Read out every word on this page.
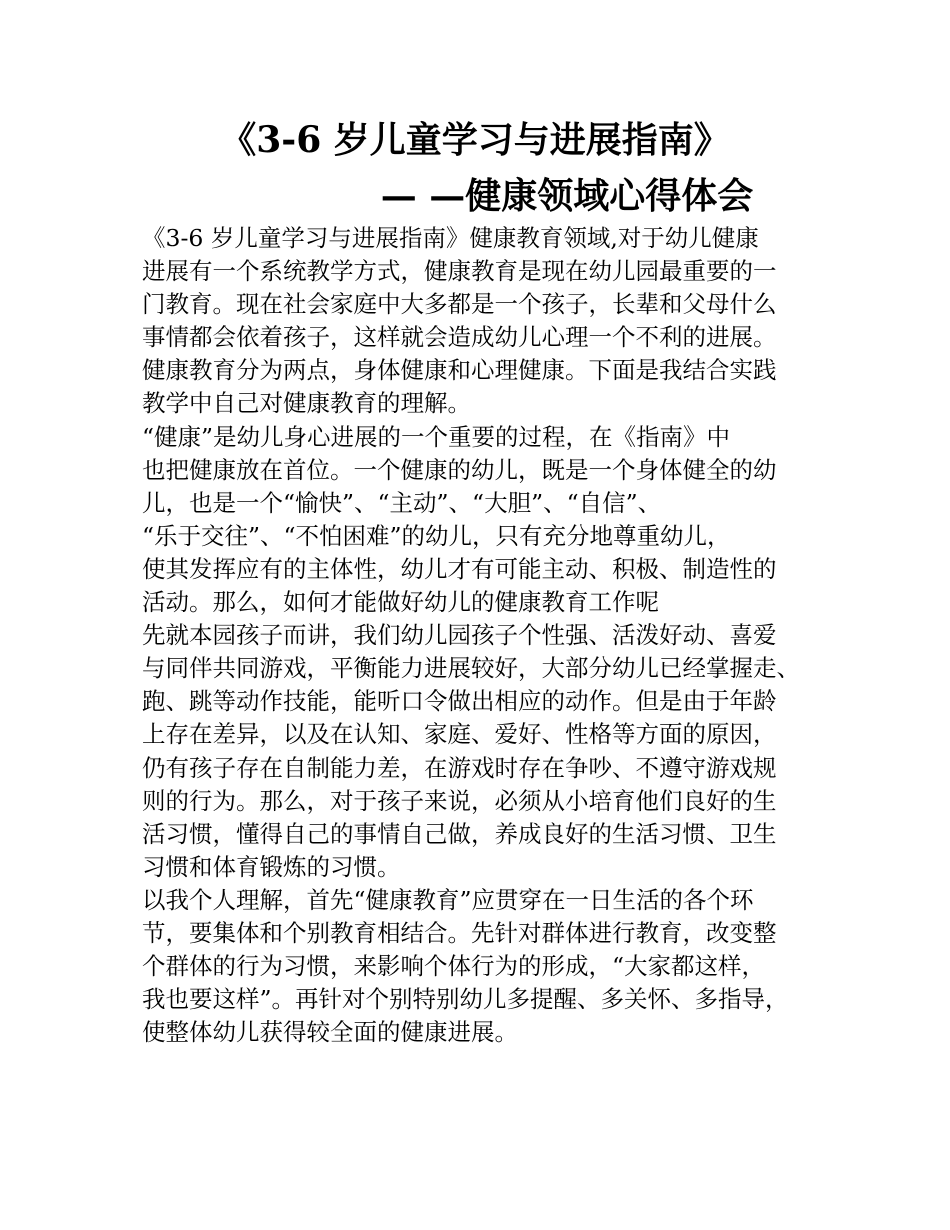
《3-6 岁儿童学习与进展指南》
— —健康领域心得体会
《3-6 岁儿童学习与进展指南》健康教育领域,对于幼儿健康
进展有一个系统教学方式，健康教育是现在幼儿园最重要的一
门教育。现在社会家庭中大多都是一个孩子，长辈和父母什么
事情都会依着孩子，这样就会造成幼儿心理一个不利的进展。
健康教育分为两点，身体健康和心理健康。下面是我结合实践
教学中自己对健康教育的理解。
“健康”是幼儿身心进展的一个重要的过程，在《指南》中
也把健康放在首位。一个健康的幼儿，既是一个身体健全的幼
儿，也是一个“愉快”、“主动”、“大胆”、“自信”、
“乐于交往”、“不怕困难”的幼儿，只有充分地尊重幼儿，
使其发挥应有的主体性，幼儿才有可能主动、积极、制造性的
活动。那么，如何才能做好幼儿的健康教育工作呢
先就本园孩子而讲，我们幼儿园孩子个性强、活泼好动、喜爱
与同伴共同游戏，平衡能力进展较好，大部分幼儿已经掌握走、
跑、跳等动作技能，能听口令做出相应的动作。但是由于年龄
上存在差异，以及在认知、家庭、爱好、性格等方面的原因，
仍有孩子存在自制能力差，在游戏时存在争吵、不遵守游戏规
则的行为。那么，对于孩子来说，必须从小培育他们良好的生
活习惯，懂得自己的事情自己做，养成良好的生活习惯、卫生
习惯和体育锻炼的习惯。
以我个人理解，首先“健康教育”应贯穿在一日生活的各个环
节，要集体和个别教育相结合。先针对群体进行教育，改变整
个群体的行为习惯，来影响个体行为的形成，“大家都这样，
我也要这样”。再针对个别特别幼儿多提醒、多关怀、多指导，
使整体幼儿获得较全面的健康进展。
